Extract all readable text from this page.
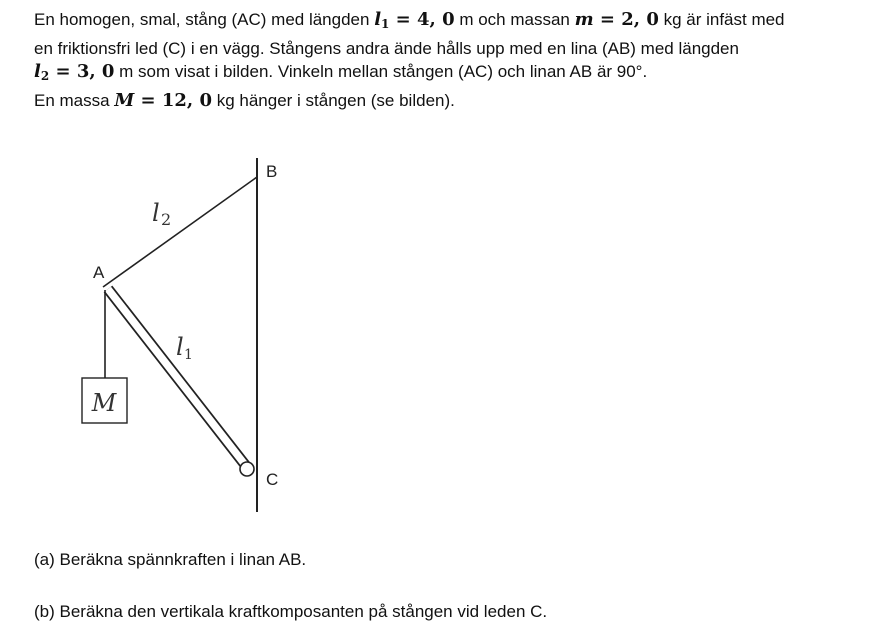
En homogen, smal, stång (AC) med längden $l_1 = 4$, 0 m och massan m = 2, 0 kg är infäst med
en friktionsfri led (C) i en vägg. Stångens andra ände hålls upp med en lina (AB) med längden
$l_2 = 3$, 0 m som visat i bilden. Vinkeln mellan stången (AC) och linan AB är 90°.
En massa M = 12, 0 kg hänger i stången (se bilden).
M
B
A
C
l 2
l 1
(a) Beräkna spännkraften i linan AB.
(b) Beräkna den vertikala kraftkomposanten på stången vid leden C.
